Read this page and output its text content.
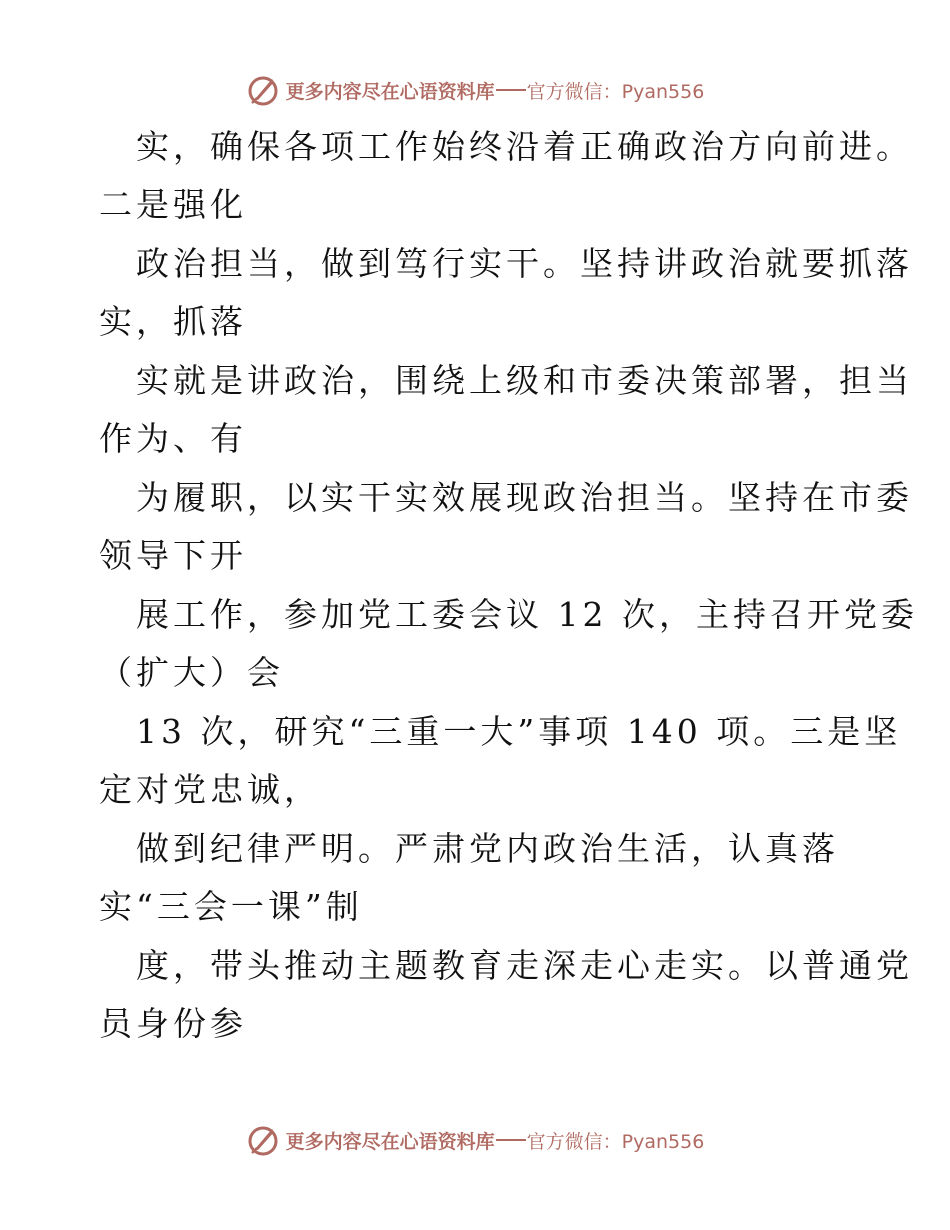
更多内容尽在心语资料库 官方微信：Pyan556
实，确保各项工作始终沿着正确政治方向前进。
二是强化
政治担当，做到笃行实干。坚持讲政治就要抓落
实，抓落
实就是讲政治，围绕上级和市委决策部署，担当
作为、有
为履职，以实干实效展现政治担当。坚持在市委
领导下开
展工作，参加党工委会议 12 次，主持召开党委
（扩大）会
13 次，研究“三重一大”事项 140 项。三是坚
定对党忠诚，
做到纪律严明。严肃党内政治生活，认真落
实“三会一课”制
度，带头推动主题教育走深走心走实。以普通党
员身份参
更多内容尽在心语资料库 官方微信：Pyan556
